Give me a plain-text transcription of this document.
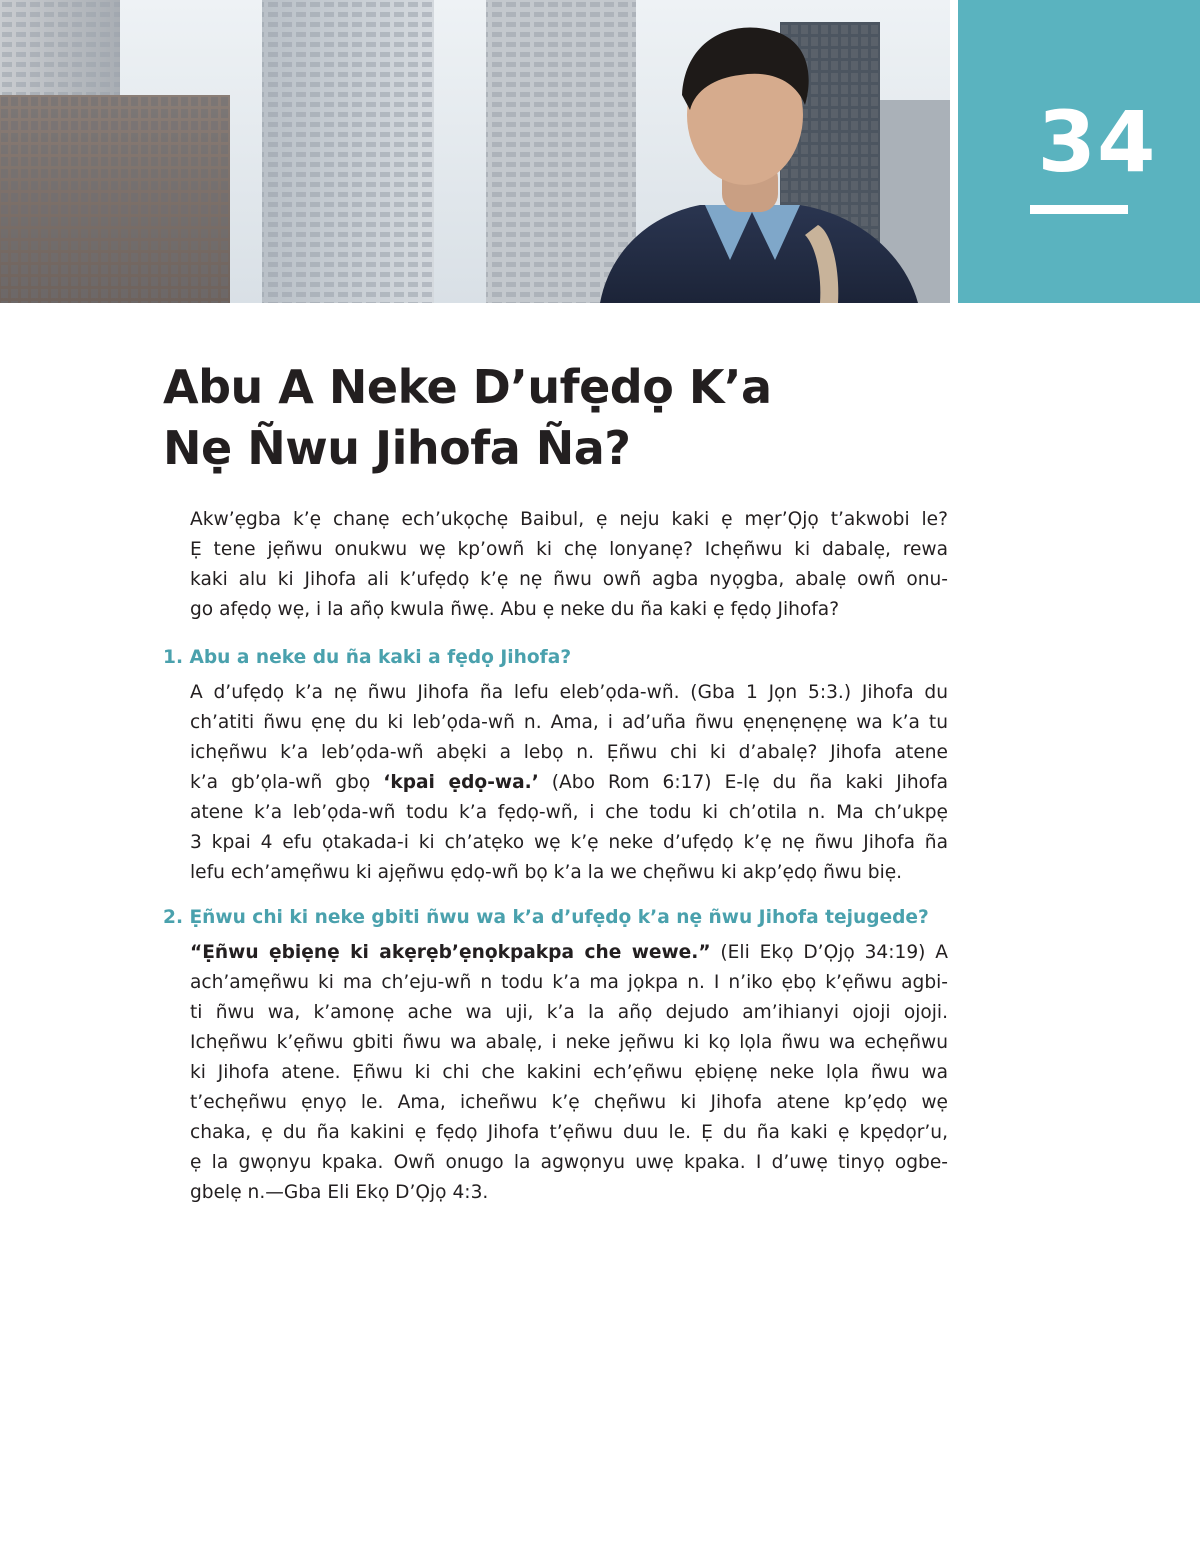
34
Abu A Neke D’ufẹdọ K’a
Nẹ Ñwu Jihofa Ña?

Akw’ẹgba k’ẹ chanẹ ech’ukọchẹ Baibul, ẹ neju kaki ẹ mẹr’Ọjọ t’akwobi le?
Ẹ tene jẹñwu onukwu wẹ kp’owñ ki chẹ lonyanẹ? Ichẹñwu ki dabalẹ, rewa
kaki alu ki Jihofa ali k’ufẹdọ k’ẹ nẹ ñwu owñ agba nyọgba, abalẹ owñ onu-
go afẹdọ wẹ, i la añọ kwula ñwẹ. Abu ẹ neke du ña kaki ẹ fẹdọ Jihofa?

1. Abu a neke du ña kaki a fẹdọ Jihofa?

A d’ufẹdọ k’a nẹ ñwu Jihofa ña lefu eleb’ọda-wñ. (Gba 1 Jọn 5:3.) Jihofa du
ch’atiti ñwu ẹnẹ du ki leb’ọda-wñ n. Ama, i ad’uña ñwu ẹnẹnẹnẹnẹ wa k’a tu
ichẹñwu k’a leb’ọda-wñ abẹki a lebọ n. Ẹñwu chi ki d’abalẹ? Jihofa atene
k’a gb’ọla-wñ gbọ ‘kpai ẹdọ-wa.’ (Abo Rom 6:17) E-lẹ du ña kaki Jihofa
atene k’a leb’ọda-wñ todu k’a fẹdọ-wñ, i che todu ki ch’otila n. Ma ch’ukpẹ
3 kpai 4 efu ọtakada-i ki ch’atẹko wẹ k’ẹ neke d’ufẹdọ k’ẹ nẹ ñwu Jihofa ña
lefu ech’amẹñwu ki ajẹñwu ẹdọ-wñ bọ k’a la we chẹñwu ki akp’ẹdọ ñwu biẹ.

2. Ẹñwu chi ki neke gbiti ñwu wa k’a d’ufẹdọ k’a nẹ ñwu Jihofa tejugede?

“Ẹñwu ẹbiẹnẹ ki akẹrẹb’ẹnọkpakpa che wewe.” (Eli Ekọ D’Ọjọ 34:19) A
ach’amẹñwu ki ma ch’eju-wñ n todu k’a ma jọkpa n. I n’iko ẹbọ k’ẹñwu agbi-
ti ñwu wa, k’amonẹ ache wa uji, k’a la añọ dejudo am’ihianyi ojoji ojoji.
Ichẹñwu k’ẹñwu gbiti ñwu wa abalẹ, i neke jẹñwu ki kọ lọla ñwu wa echẹñwu
ki Jihofa atene. Ẹñwu ki chi che kakini ech’ẹñwu ẹbiẹnẹ neke lọla ñwu wa
t’echẹñwu ẹnyọ le. Ama, icheñwu k’ẹ chẹñwu ki Jihofa atene kp’ẹdọ wẹ
chaka, ẹ du ña kakini ẹ fẹdọ Jihofa t’ẹñwu duu le. Ẹ du ña kaki ẹ kpẹdọr’u,
ẹ la gwọnyu kpaka. Owñ onugo la agwọnyu uwẹ kpaka. I d’uwẹ tinyọ ogbe-
gbelẹ n.—Gba Eli Ekọ D’Ọjọ 4:3.
